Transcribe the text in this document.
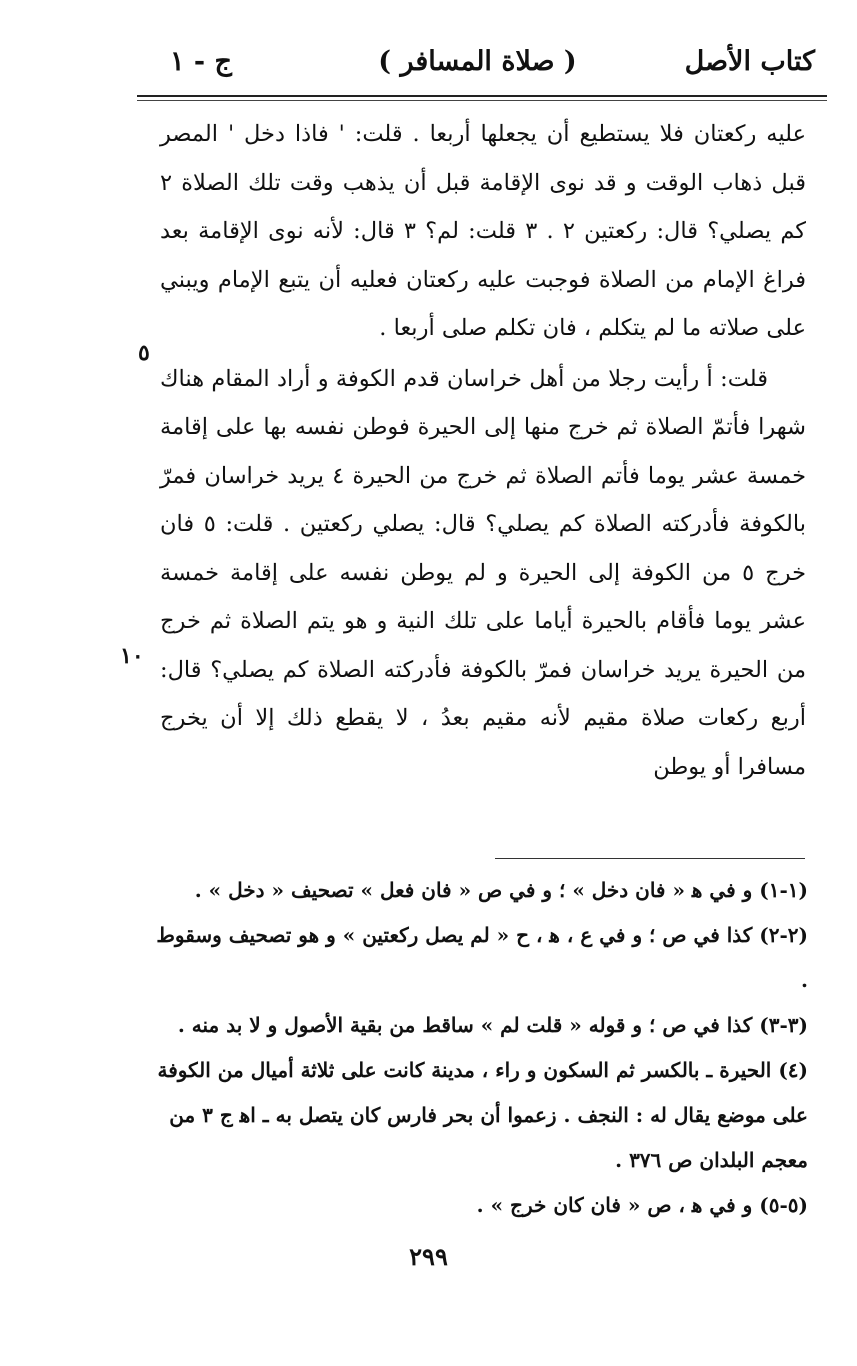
كتاب الأصل
( صلاة المسافر )
ج - ١

عليه ركعتان فلا يستطيع أن يجعلها أربعا . قلت: ' فاذا دخل ' المصر قبل ذهاب الوقت و قد نوى الإقامة قبل أن يذهب وقت تلك الصلاة ٢ كم يصلي؟ قال: ركعتين ٢ . ٣ قلت: لم؟ ٣ قال: لأنه نوى الإقامة بعد فراغ الإمام من الصلاة فوجبت عليه ركعتان فعليه أن يتبع الإمام ويبني على صلاته ما لم يتكلم ، فان تكلم صلى أربعا .

قلت: أ رأيت رجلا من أهل خراسان قدم الكوفة و أراد المقام هناك شهرا فأتمّ الصلاة ثم خرج منها إلى الحيرة فوطن نفسه بها على إقامة خمسة عشر يوما فأتم الصلاة ثم خرج من الحيرة ٤ يريد خراسان فمرّ بالكوفة فأدركته الصلاة كم يصلي؟ قال: يصلي ركعتين . قلت: ٥ فان خرج ٥ من الكوفة إلى الحيرة و لم يوطن نفسه على إقامة خمسة عشر يوما فأقام بالحيرة أياما على تلك النية و هو يتم الصلاة ثم خرج من الحيرة يريد خراسان فمرّ بالكوفة فأدركته الصلاة كم يصلي؟ قال: أربع ركعات صلاة مقيم لأنه مقيم بعدُ ، لا يقطع ذلك إلا أن يخرج مسافرا أو يوطن

٥
١٠

(١-١) و في ﻫ « فان دخل » ؛ و في ص « فان فعل » تصحيف « دخل » .

(٢-٢) كذا في ص ؛ و في ع ، ﻫ ، ح « لم يصل ركعتين » و هو تصحيف وسقوط .

(٣-٣) كذا في ص ؛ و قوله « قلت لم » ساقط من بقية الأصول و لا بد منه .

(٤) الحيرة ـ بالكسر ثم السكون و راء ، مدينة كانت على ثلاثة أميال من الكوفة على موضع يقال له : النجف . زعموا أن بحر فارس كان يتصل به ـ اﻫ ج ٣ من معجم البلدان ص ٣٧٦ .

(٥-٥) و في ﻫ ، ص « فان كان خرج » .

٢٩٩
